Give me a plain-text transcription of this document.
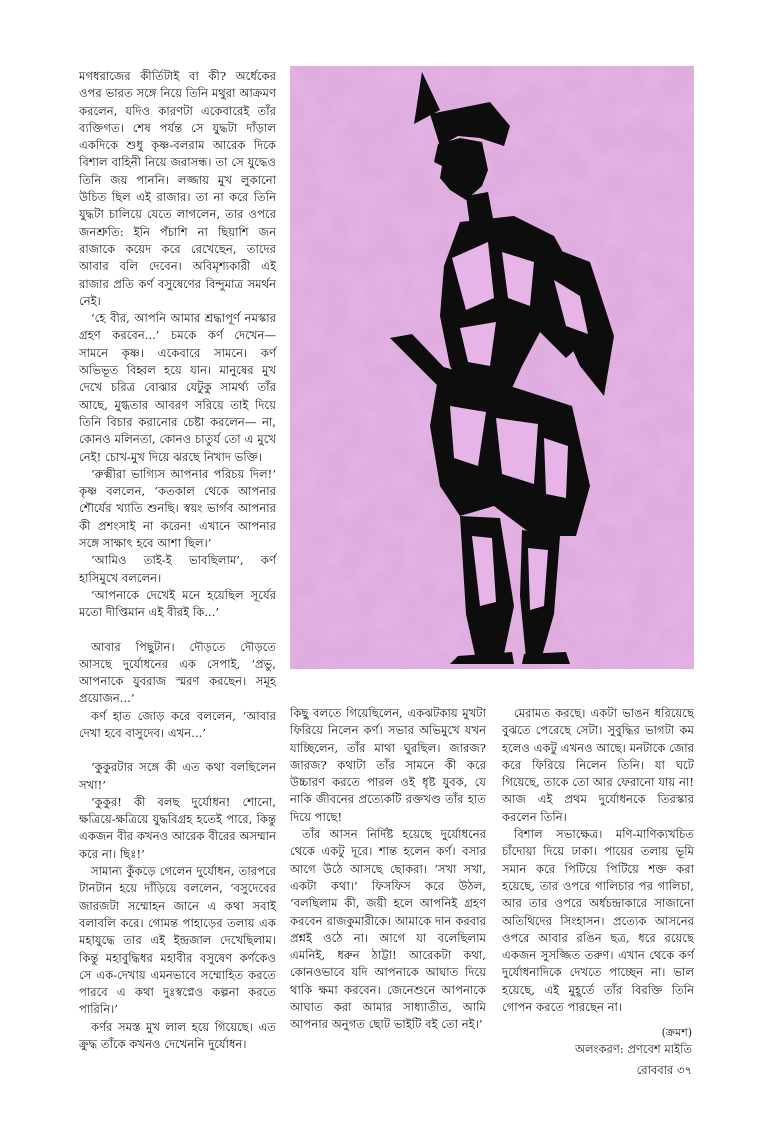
মগধরাজের কীর্তিটাই বা কী? অর্ধেকের ওপর ভারত সঙ্গে নিয়ে তিনি মথুরা আক্রমণ করলেন, যদিও কারণটা একেবারেই তাঁর ব্যক্তিগত। শেষ পর্যন্ত সে যুদ্ধটা দাঁড়াল একদিকে শুধু কৃষ্ণ-বলরাম আরেক দিকে বিশাল বাহিনী নিয়ে জরাসন্ধ। তা সে যুদ্ধেও তিনি জয় পাননি। লজ্জায় মুখ লুকানো উচিত ছিল এই রাজার। তা না করে তিনি যুদ্ধটা চালিয়ে যেতে লাগলেন, তার ওপরে জনশ্রুতি: ইনি পঁচাশি না ছিয়াশি জন রাজাকে কয়েদ করে রেখেছেন, তাদের আবার বলি দেবেন। অবিমৃশ্যকারী এই রাজার প্রতি কর্ণ বসুষেণের বিন্দুমাত্র সমর্থন নেই।

‘হে বীর, আপনি আমার শ্রদ্ধাপূর্ণ নমস্কার গ্রহণ করবেন...’ চমকে কর্ণ দেখেন— সামনে কৃষ্ণ। একেবারে সামনে। কর্ণ অভিভূত বিহ্বল হয়ে যান। মানুষের মুখ দেখে চরিত্র বোঝার যেটুকু সামর্থ্য তাঁর আছে, মুগ্ধতার আবরণ সরিয়ে তাই দিয়ে তিনি বিচার করানোর চেষ্টা করলেন— না, কোনও মলিনতা, কোনও চাতুর্য তো এ মুখে নেই! চোখ-মুখ দিয়ে ঝরছে নিখাদ ভক্তি।

‘রুক্মীরা ভাগ্যিস আপনার পরিচয় দিল!’ কৃষ্ণ বললেন, ‘কতকাল থেকে আপনার শৌর্যের খ্যাতি শুনছি। স্বয়ং ভার্গব আপনার কী প্রশংসাই না করেন! এখানে আপনার সঙ্গে সাক্ষাৎ হবে আশা ছিল।’

‘আমিও তাই-ই ভাবছিলাম’, কর্ণ হাসিমুখে বললেন।

‘আপনাকে দেখেই মনে হয়েছিল সূর্যের মতো দীপ্তিমান এই বীরই কি...’

আবার পিছুটান। দৌড়তে দৌড়তে আসছে দুর্যোধনের এক সেপাই, ‘প্রভু, আপনাকে যুবরাজ স্মরণ করছেন। সমূহ প্রয়োজন...’

কর্ণ হাত জোড় করে বললেন, ‘আবার দেখা হবে বাসুদেব। এখন...’

‘কুকুরটার সঙ্গে কী এত কথা বলছিলেন সখা!’

‘কুকুর! কী বলছ দুর্যোধন! শোনো, ক্ষত্রিয়ে-ক্ষত্রিয়ে যুদ্ধবিগ্রহ হতেই পারে, কিন্তু একজন বীর কখনও আরেক বীরের অসম্মান করে না। ছিঃ!’

সামান্য কুঁকড়ে গেলেন দুর্যোধন, তারপরে টানটান হয়ে দাঁড়িয়ে বললেন, ‘বসুদেবের জারজটা সম্মোহন জানে এ কথা সবাই বলাবলি করে। গোমন্ত পাহাড়ের তলায় এক মহাযুদ্ধে তার এই ইন্দ্রজাল দেখেছিলাম। কিন্তু মহাবুদ্ধিধর মহাবীর বসুষেণ কর্ণকেও সে এক-দেখায় এমনভাবে সম্মোহিত করতে পারবে এ কথা দুঃস্বপ্নেও কল্পনা করতে পারিনি।’

কর্ণর সমস্ত মুখ লাল হয়ে গিয়েছে। এত ক্রুদ্ধ তাঁকে কখনও দেখেননি দুর্যোধন।

কিছু বলতে গিয়েছিলেন, একঝটকায় মুখটা ফিরিয়ে নিলেন কর্ণ। সভার অভিমুখে যখন যাচ্ছিলেন, তাঁর মাথা ঘুরছিল। জারজ? জারজ? কথাটা তাঁর সামনে কী করে উচ্চারণ করতে পারল ওই ধৃষ্ট যুবক, যে নাকি জীবনের প্রত্যেকটি রক্তখণ্ড তাঁর হাত দিয়ে পাছে!

তাঁর আসন নির্দিষ্ট হয়েছে দুর্যোধনের থেকে একটু দূরে। শান্ত হলেন কর্ণ। বসার আগে উঠে আসছে ছোকরা। ‘সখা সখা, একটা কথা।’ ফিসফিস করে উঠল, ‘বলছিলাম কী, জয়ী হলে আপনিই গ্রহণ করবেন রাজকুমারীকে। আমাকে দান করবার প্রশ্নই ওঠে না। আগে যা বলেছিলাম এমনিই, ধরুন ঠাট্টা! আরেকটা কথা, কোনওভাবে যদি আপনাকে আঘাত দিয়ে থাকি ক্ষমা করবেন। জেনেশুনে আপনাকে আঘাত করা আমার সাধ্যাতীত, আমি আপনার অনুগত ছোট ভাইটি বই তো নই।’

মেরামত করছে। একটা ভাঙন ধরিয়েছে বুঝতে পেরেছে সেটা। সুবুদ্ধির ভাগটা কম হলেও একটু এখনও আছে। মনটাকে জোর করে ফিরিয়ে নিলেন তিনি। যা ঘটে গিয়েছে, তাকে তো আর ফেরানো যায় না! আজ এই প্রথম দুর্যোধনকে তিরস্কার করলেন তিনি।

বিশাল সভাক্ষেত্র। মণি-মাণিক্যখচিত চাঁদোয়া দিয়ে ঢাকা। পায়ের তলায় ভূমি সমান করে পিটিয়ে পিটিয়ে শক্ত করা হয়েছে, তার ওপরে গালিচার পর গালিচা, আর তার ওপরে অর্ধচন্দ্রাকারে সাজানো অতিথিদের সিংহাসন। প্রত্যেক আসনের ওপরে আবার রঙিন ছত্র, ধরে রয়েছে একজন সুসজ্জিত তরুণ। এখান থেকে কর্ণ দুর্যোধনাদিকে দেখতে পাচ্ছেন না। ভাল হয়েছে, এই মুহূর্তে তাঁর বিরক্তি তিনি গোপন করতে পারছেন না।

(ক্রমশ)
অলংকরণ: প্রণবেশ মাইতি
রোববার ৩৭
